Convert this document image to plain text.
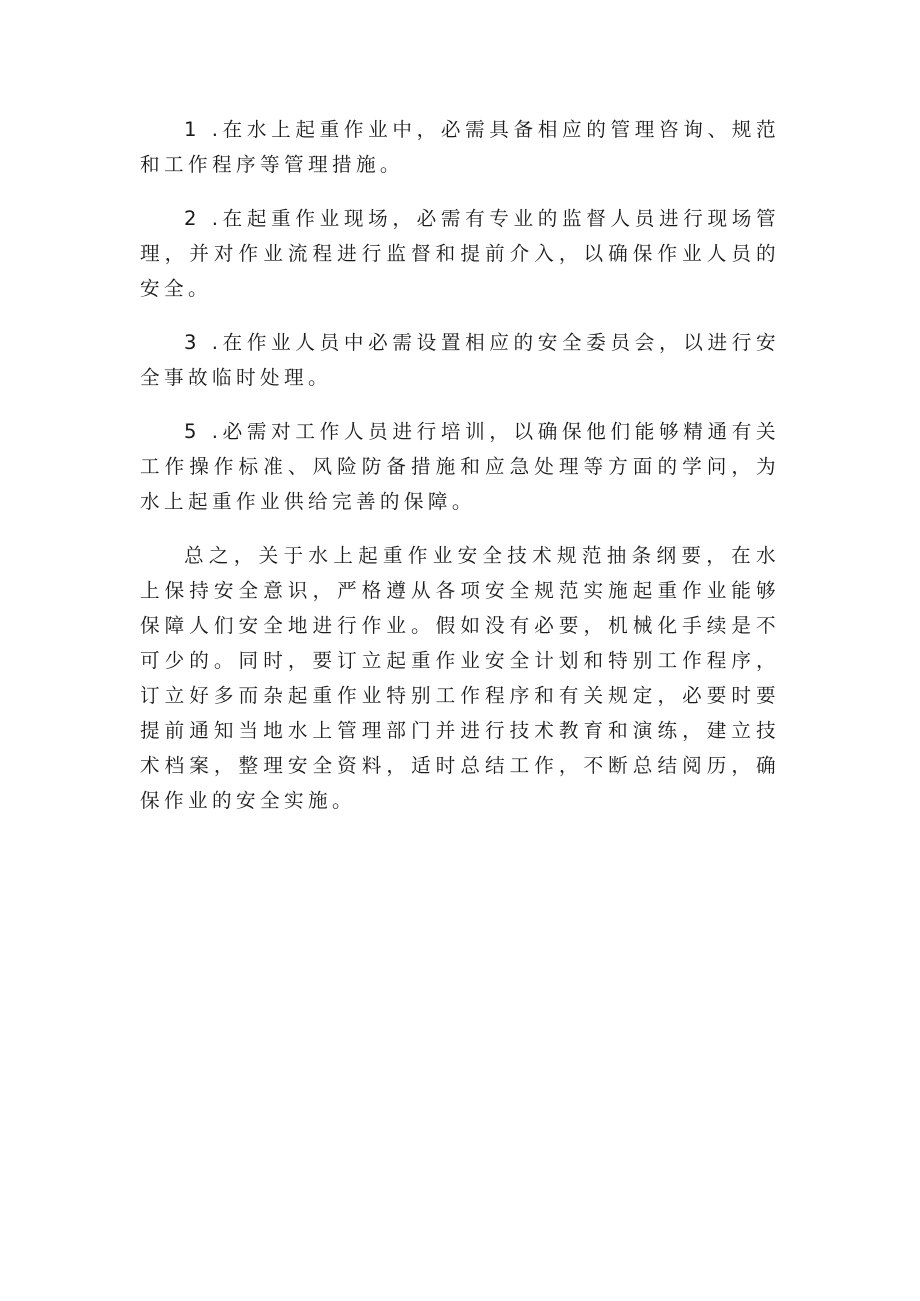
1 .在水上起重作业中，必需具备相应的管理咨询、规范和工作程序等管理措施。

2 .在起重作业现场，必需有专业的监督人员进行现场管理，并对作业流程进行监督和提前介入，以确保作业人员的安全。

3 .在作业人员中必需设置相应的安全委员会，以进行安全事故临时处理。

5 .必需对工作人员进行培训，以确保他们能够精通有关工作操作标准、风险防备措施和应急处理等方面的学问，为水上起重作业供给完善的保障。

总之，关于水上起重作业安全技术规范抽条纲要，在水上保持安全意识，严格遵从各项安全规范实施起重作业能够保障人们安全地进行作业。假如没有必要，机械化手续是不可少的。同时，要订立起重作业安全计划和特别工作程序，订立好多而杂起重作业特别工作程序和有关规定，必要时要提前通知当地水上管理部门并进行技术教育和演练，建立技术档案，整理安全资料，适时总结工作，不断总结阅历，确保作业的安全实施。
